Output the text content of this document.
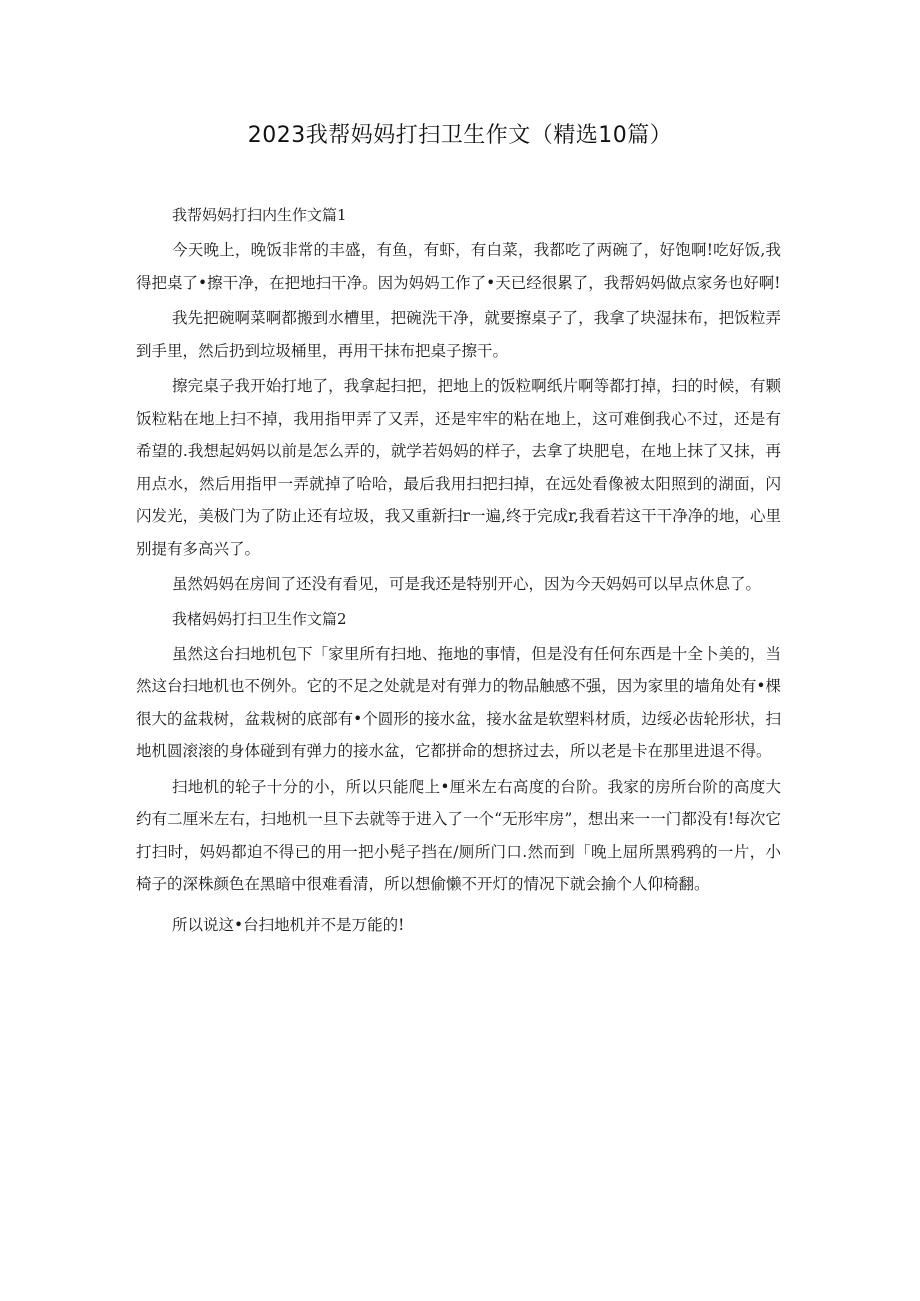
2023我帮妈妈打扫卫生作文（精选10篇）

我帮妈妈打扫内生作文篇1

今天晚上，晚饭非常的丰盛，有鱼，有虾，有白菜，我都吃了两碗了，好饱啊!吃好饭,我得把桌了•擦干净，在把地扫干净。因为妈妈工作了•天已经很累了，我帮妈妈做点家务也好啊!

我先把碗啊菜啊都搬到水槽里，把碗洗干净，就要擦桌子了，我拿了块湿抹布，把饭粒弄到手里，然后扔到垃圾桶里，再用干抹布把桌子擦干。

擦完桌子我开始打地了，我拿起扫把，把地上的饭粒啊纸片啊等都打掉，扫的时候，有颗饭粒粘在地上扫不掉，我用指甲弄了又弄，还是牢牢的粘在地上，这可难倒我心不过，还是有希望的.我想起妈妈以前是怎么弄的，就学若妈妈的样子，去拿了块肥皂，在地上抹了又抹，再用点水，然后用指甲一弄就掉了哈哈，最后我用扫把扫掉，在远处看像被太阳照到的湖面，闪闪发光，美极门为了防止还有垃圾，我又重新扫r一遍,终于完成r,我看若这干干净净的地，心里别提有多高兴了。

虽然妈妈在房间了还没有看见，可是我还是特别开心，因为今天妈妈可以早点休息了。

我楮妈妈打扫卫生作文篇2

虽然这台扫地机包下「家里所有扫地、拖地的事情，但是没有任何东西是十全卜美的，当然这台扫地机也不例外。它的不足之处就是对有弹力的物品触感不强，因为家里的墙角处有•棵很大的盆栽树，盆栽树的底部有•个圆形的接水盆，接水盆是软塑料材质，边绥必齿轮形状，扫地机圆滚滚的身体碰到有弹力的接水盆，它都拼命的想挤过去，所以老是卡在那里进退不得。

扫地机的轮子十分的小，所以只能爬上•厘米左右高度的台阶。我家的房所台阶的高度大约有二厘米左右，扫地机一旦下去就等于进入了一个“无形牢房”，想出来一一门都没有!每次它打扫时，妈妈都迫不得已的用一把小髡子挡在/厕所门口.然而到「晚上屈所黑鸦鸦的一片，小椅子的深株颜色在黑暗中很难看清，所以想偷懒不开灯的情况下就会揄个人仰椅翻。

所以说这•台扫地机并不是万能的!
